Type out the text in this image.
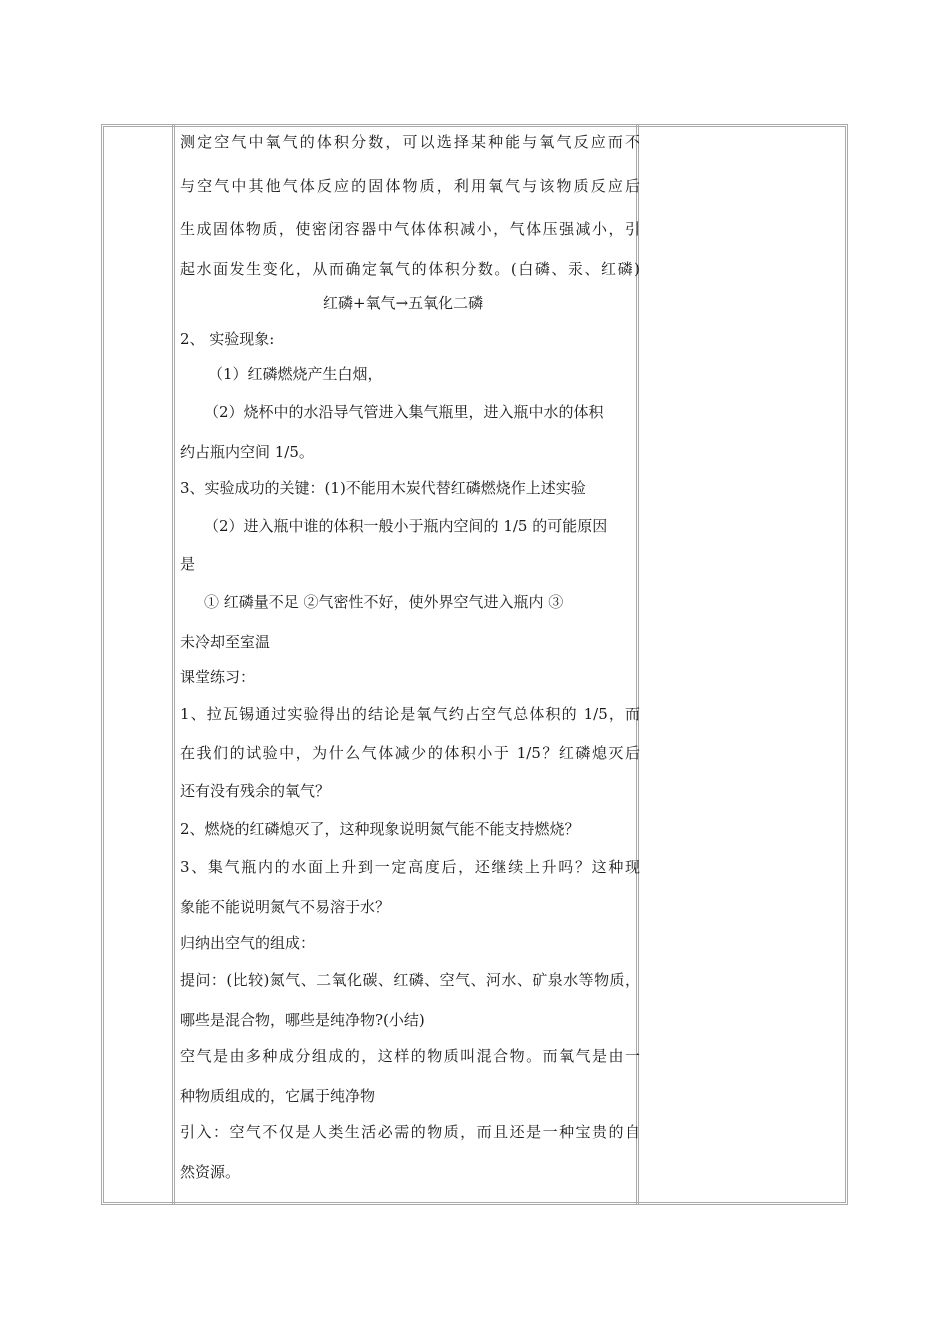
测定空气中氧气的体积分数，可以选择某种能与氧气反应而不
与空气中其他气体反应的固体物质，利用氧气与该物质反应后
生成固体物质，使密闭容器中气体体积减小，气体压强减小，引
起水面发生变化，从而确定氧气的体积分数。(白磷、汞、红磷)
红磷+氧气→五氧化二磷
2、 实验现象:
（1）红磷燃烧产生白烟，
（2）烧杯中的水沿导气管进入集气瓶里，进入瓶中水的体积
约占瓶内空间 1/5。
3、实验成功的关键：(1)不能用木炭代替红磷燃烧作上述实验
（2）进入瓶中谁的体积一般小于瓶内空间的 1/5 的可能原因
是
① 红磷量不足 ②气密性不好，使外界空气进入瓶内 ③
未冷却至室温
课堂练习：
1、拉瓦锡通过实验得出的结论是氧气约占空气总体积的 1/5，而
在我们的试验中，为什么气体减少的体积小于 1/5？红磷熄灭后
还有没有残余的氧气？
2、燃烧的红磷熄灭了，这种现象说明氮气能不能支持燃烧？
3、集气瓶内的水面上升到一定高度后，还继续上升吗？这种现
象能不能说明氮气不易溶于水？
归纳出空气的组成：
提问：(比较)氮气、二氧化碳、红磷、空气、河水、矿泉水等物质，
哪些是混合物，哪些是纯净物?(小结)
空气是由多种成分组成的，这样的物质叫混合物。而氧气是由一
种物质组成的，它属于纯净物
引入：空气不仅是人类生活必需的物质，而且还是一种宝贵的自
然资源。
